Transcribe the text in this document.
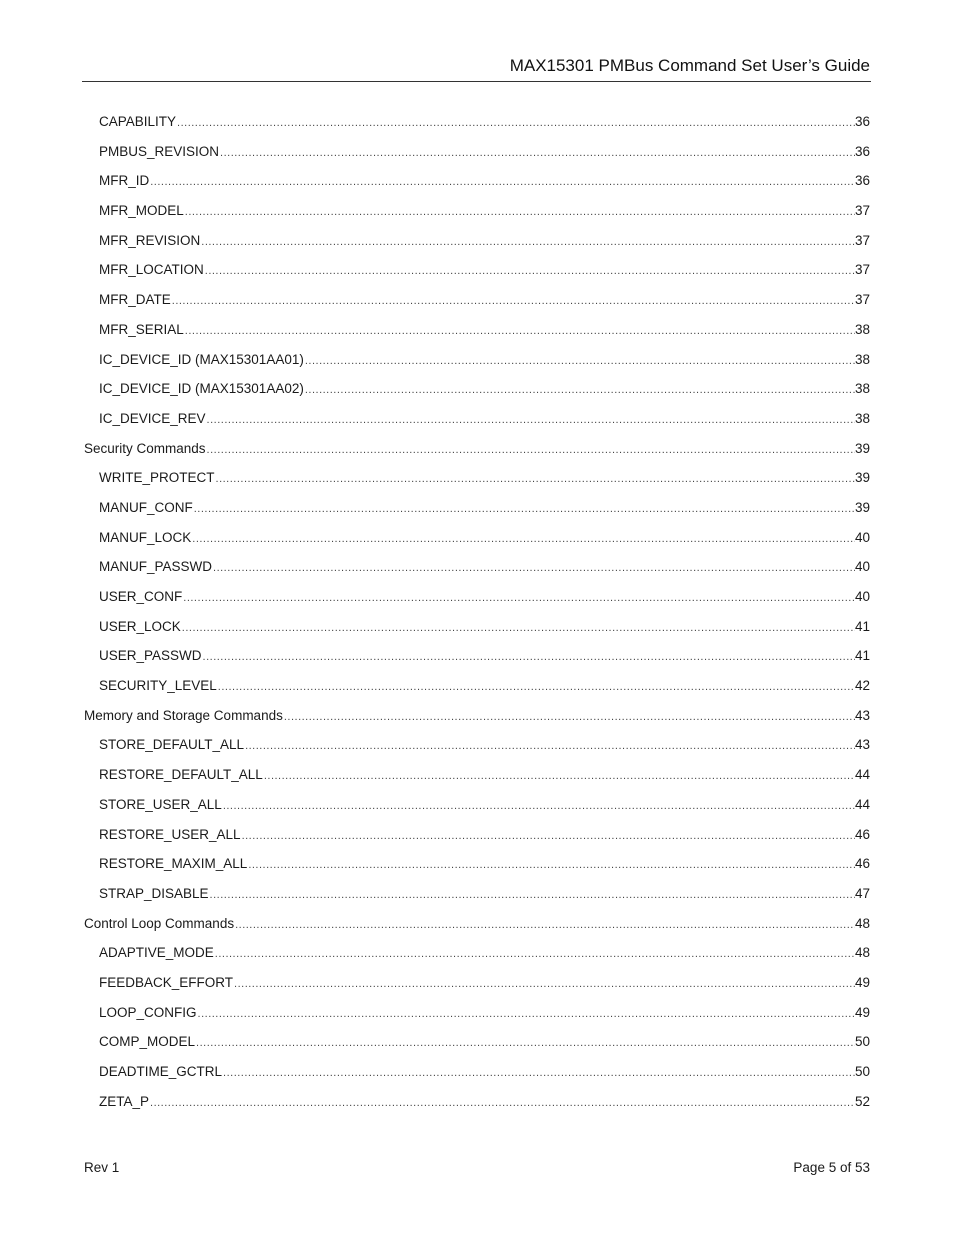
MAX15301 PMBus Command Set User’s Guide
CAPABILITY .....	36
PMBUS_REVISION .....	36
MFR_ID .....	36
MFR_MODEL .....	37
MFR_REVISION .....	37
MFR_LOCATION .....	37
MFR_DATE .....	37
MFR_SERIAL .....	38
IC_DEVICE_ID (MAX15301AA01) .....	38
IC_DEVICE_ID (MAX15301AA02) .....	38
IC_DEVICE_REV .....	38
Security Commands .....	39
WRITE_PROTECT .....	39
MANUF_CONF .....	39
MANUF_LOCK .....	40
MANUF_PASSWD .....	40
USER_CONF .....	40
USER_LOCK .....	41
USER_PASSWD .....	41
SECURITY_LEVEL .....	42
Memory and Storage Commands .....	43
STORE_DEFAULT_ALL .....	43
RESTORE_DEFAULT_ALL .....	44
STORE_USER_ALL .....	44
RESTORE_USER_ALL .....	46
RESTORE_MAXIM_ALL .....	46
STRAP_DISABLE .....	47
Control Loop Commands .....	48
ADAPTIVE_MODE .....	48
FEEDBACK_EFFORT .....	49
LOOP_CONFIG .....	49
COMP_MODEL .....	50
DEADTIME_GCTRL .....	50
ZETA_P .....	52
Rev 1	Page 5 of 53
